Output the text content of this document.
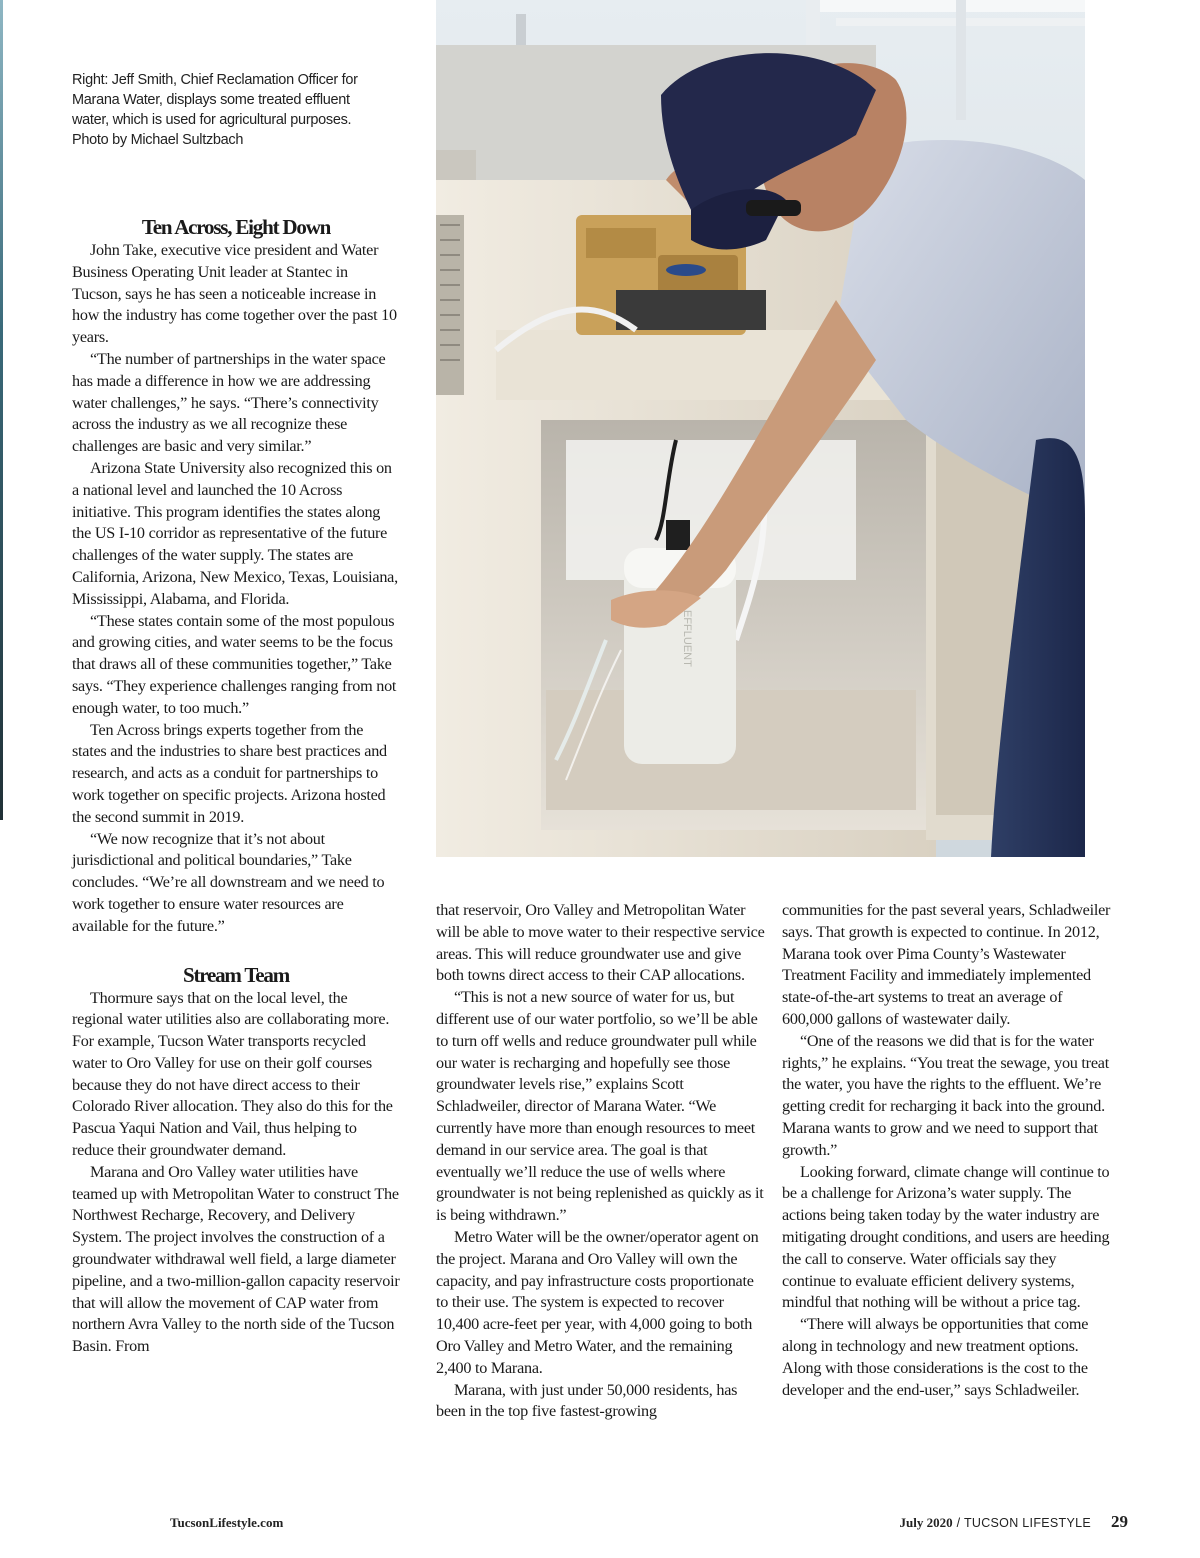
Right: Jeff Smith, Chief Reclamation Officer for

Marana Water, displays some treated effluent

water, which is used for agricultural purposes.

Photo by Michael Sultzbach

EFFLUENT
Ten Across, Eight Down

John Take, executive vice president and Water Business Operating Unit leader at Stantec in Tucson, says he has seen a noticeable increase in how the industry has come together over the past 10 years.

“The number of partnerships in the water space has made a difference in how we are addressing water challenges,” he says. “There’s connectivity across the industry as we all recognize these challenges are basic and very similar.”

Arizona State University also recognized this on a national level and launched the 10 Across initiative. This program identifies the states along the US I-10 corridor as representative of the future challenges of the water supply. The states are California, Arizona, New Mexico, Texas, Louisiana, Mississippi, Alabama, and Florida.

“These states contain some of the most populous and growing cities, and water seems to be the focus that draws all of these communities together,” Take says. “They experience challenges ranging from not enough water, to too much.”

Ten Across brings experts together from the states and the industries to share best practices and research, and acts as a conduit for partnerships to work together on specific projects. Arizona hosted the second summit in 2019.

“We now recognize that it’s not about jurisdictional and political boundaries,” Take concludes. “We’re all downstream and we need to work together to ensure water resources are available for the future.”

Stream Team

Thormure says that on the local level, the regional water utilities also are collaborating more. For example, Tucson Water transports recycled water to Oro Valley for use on their golf courses because they do not have direct access to their Colorado River allocation. They also do this for the Pascua Yaqui Nation and Vail, thus helping to reduce their groundwater demand.

Marana and Oro Valley water utilities have teamed up with Metropolitan Water to construct The Northwest Recharge, Recovery, and Delivery System. The project involves the construction of a groundwater withdrawal well field, a large diameter pipeline, and a two-million-gallon capacity reservoir that will allow the movement of CAP water from northern Avra Valley to the north side of the Tucson Basin. From

that reservoir, Oro Valley and Metropolitan Water will be able to move water to their respective service areas. This will reduce groundwater use and give both towns direct access to their CAP allocations.

“This is not a new source of water for us, but different use of our water portfolio, so we’ll be able to turn off wells and reduce groundwater pull while our water is recharging and hopefully see those groundwater levels rise,” explains Scott Schladweiler, director of Marana Water. “We currently have more than enough resources to meet demand in our service area. The goal is that eventually we’ll reduce the use of wells where groundwater is not being replenished as quickly as it is being withdrawn.”

Metro Water will be the owner/operator agent on the project. Marana and Oro Valley will own the capacity, and pay infrastructure costs proportionate to their use. The system is expected to recover 10,400 acre-feet per year, with 4,000 going to both Oro Valley and Metro Water, and the remaining 2,400 to Marana.

Marana, with just under 50,000 residents, has been in the top five fastest-growing

communities for the past several years, Schladweiler says. That growth is expected to continue. In 2012, Marana took over Pima County’s Wastewater Treatment Facility and immediately implemented state-of-the-art systems to treat an average of 600,000 gallons of wastewater daily.

“One of the reasons we did that is for the water rights,” he explains. “You treat the sewage, you treat the water, you have the rights to the effluent. We’re getting credit for recharging it back into the ground. Marana wants to grow and we need to support that growth.”

Looking forward, climate change will continue to be a challenge for Arizona’s water supply. The actions being taken today by the water industry are mitigating drought conditions, and users are heeding the call to conserve. Water officials say they continue to evaluate efficient delivery systems, mindful that nothing will be without a price tag.

“There will always be opportunities that come along in technology and new treatment options. Along with those considerations is the cost to the developer and the end-user,” says Schladweiler.

TucsonLifestyle.com	July 2020 / TUCSON LIFESTYLE 29
